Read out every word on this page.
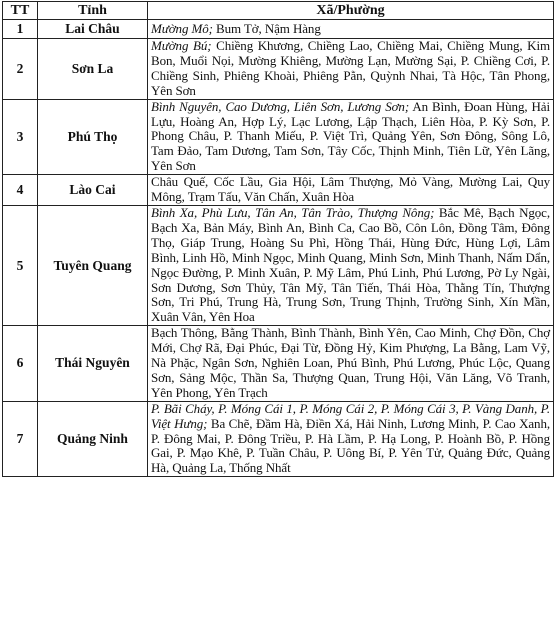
TT	Tỉnh	Xã/Phường
1	Lai Châu	Mường Mô; Bum Tở, Nậm Hàng
2	Sơn La	Mường Bú; Chiềng Khương, Chiềng Lao, Chiềng Mai, Chiềng Mung, Kim Bon, Muổi Nọi, Mường Khiêng, Mường Lạn, Mường Sại, P. Chiềng Cơi, P. Chiềng Sinh, Phiêng Khoài, Phiêng Pằn, Quỳnh Nhai, Tà Hộc, Tân Phong, Yên Sơn
3	Phú Thọ	Bình Nguyên, Cao Dương, Liên Sơn, Lương Sơn; An Bình, Đoan Hùng, Hải Lựu, Hoàng An, Hợp Lý, Lạc Lương, Lập Thạch, Liên Hòa, P. Kỳ Sơn, P. Phong Châu, P. Thanh Miếu, P. Việt Trì, Quảng Yên, Sơn Đông, Sông Lô, Tam Đảo, Tam Dương, Tam Sơn, Tây Cốc, Thịnh Minh, Tiên Lữ, Yên Lãng, Yên Sơn
4	Lào Cai	Châu Quế, Cốc Lầu, Gia Hội, Lâm Thượng, Mỏ Vàng, Mường Lai, Quy Mông, Trạm Tấu, Văn Chấn, Xuân Hòa
5	Tuyên Quang	Bình Xa, Phù Lưu, Tân An, Tân Trào, Thượng Nông; Bắc Mê, Bạch Ngọc, Bạch Xa, Bản Máy, Bình An, Bình Ca, Cao Bồ, Côn Lôn, Đồng Tâm, Đông Thọ, Giáp Trung, Hoàng Su Phì, Hồng Thái, Hùng Đức, Hùng Lợi, Lâm Bình, Linh Hồ, Minh Ngọc, Minh Quang, Minh Sơn, Minh Thanh, Nấm Dẩn, Ngọc Đường, P. Minh Xuân, P. Mỹ Lâm, Phú Linh, Phú Lương, Pờ Ly Ngài, Sơn Dương, Sơn Thủy, Tân Mỹ, Tân Tiến, Thái Hòa, Thằng Tín, Thượng Sơn, Tri Phú, Trung Hà, Trung Sơn, Trung Thịnh, Trường Sinh, Xín Mần, Xuân Vân, Yên Hoa
6	Thái Nguyên	Bạch Thông, Bằng Thành, Bình Thành, Bình Yên, Cao Minh, Chợ Đồn, Chợ Mới, Chợ Rã, Đại Phúc, Đại Từ, Đồng Hỷ, Kim Phượng, La Bằng, Lam Vỹ, Nà Phặc, Ngân Sơn, Nghiên Loan, Phú Bình, Phú Lương, Phúc Lộc, Quang Sơn, Sảng Mộc, Thần Sa, Thượng Quan, Trung Hội, Văn Lăng, Võ Tranh, Yên Phong, Yên Trạch
7	Quảng Ninh	P. Bãi Cháy, P. Móng Cái 1, P. Móng Cái 2, P. Móng Cái 3, P. Vàng Danh, P. Việt Hưng; Ba Chẽ, Đầm Hà, Điền Xá, Hải Ninh, Lương Minh, P. Cao Xanh, P. Đông Mai, P. Đông Triều, P. Hà Lầm, P. Hạ Long, P. Hoành Bồ, P. Hồng Gai, P. Mạo Khê, P. Tuần Châu, P. Uông Bí, P. Yên Tử, Quảng Đức, Quảng Hà, Quảng La, Thống Nhất
